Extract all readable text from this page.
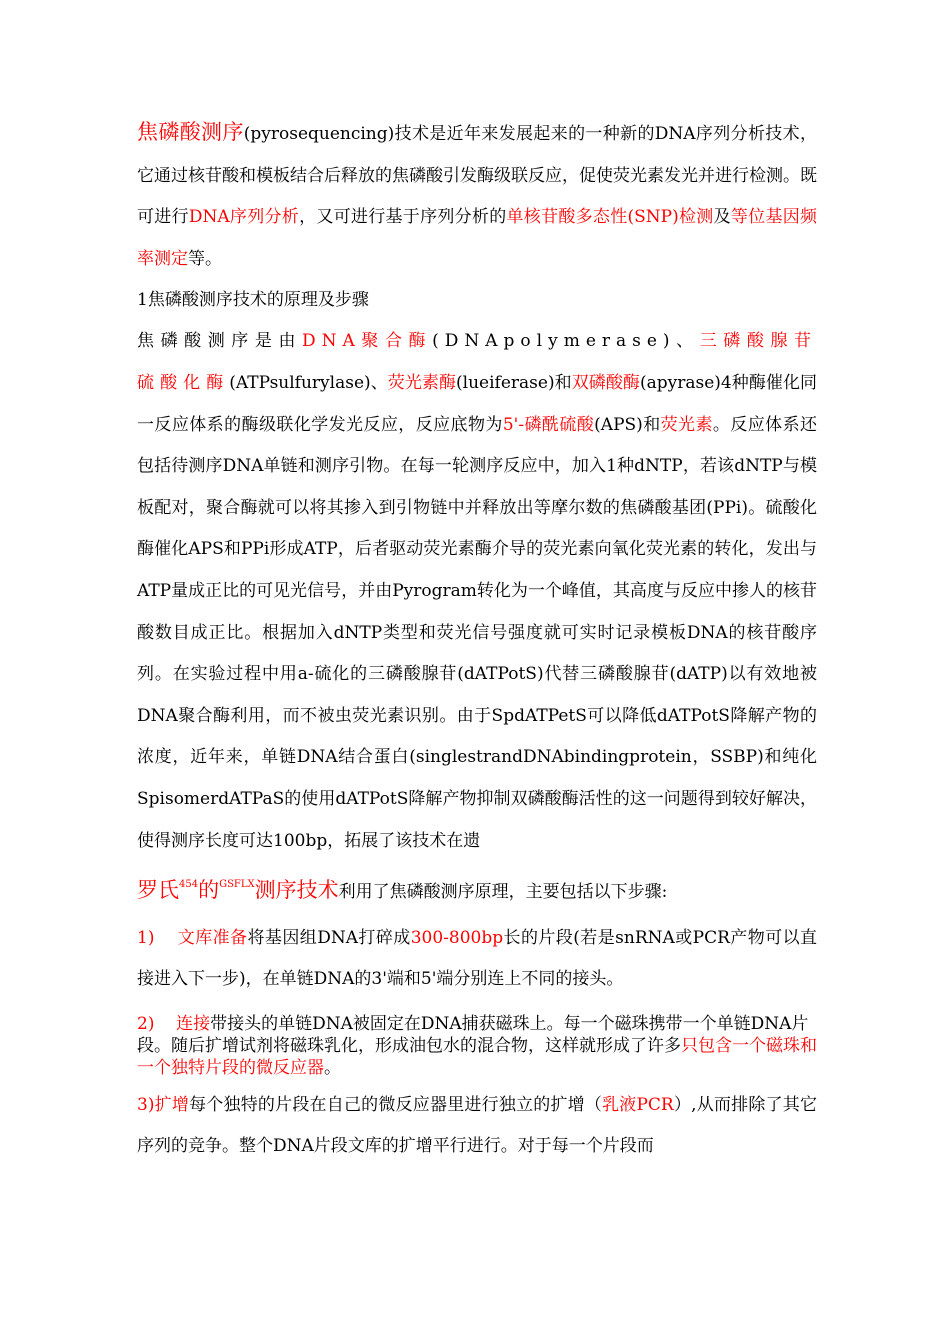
焦磷酸测序(pyrosequencing)技术是近年来发展起来的一种新的DNA序列分析技术，它通过核苷酸和模板结合后释放的焦磷酸引发酶级联反应，促使荧光素发光并进行检测。既可进行DNA序列分析，又可进行基于序列分析的单核苷酸多态性(SNP)检测及等位基因频率测定等。

1焦磷酸测序技术的原理及步骤

焦磷酸测序是由DNA聚合酶(DNApolymerase)、三磷酸腺苷硫酸化酶(ATPsulfurylase)、荧光素酶(lueiferase)和双磷酸酶(apyrase)4种酶催化同一反应体系的酶级联化学发光反应，反应底物为5'-磷酰硫酸(APS)和荧光素。反应体系还包括待测序DNA单链和测序引物。在每一轮测序反应中，加入1种dNTP，若该dNTP与模板配对，聚合酶就可以将其掺入到引物链中并释放出等摩尔数的焦磷酸基团(PPi)。硫酸化酶催化APS和PPi形成ATP，后者驱动荧光素酶介导的荧光素向氧化荧光素的转化，发出与ATP量成正比的可见光信号，并由Pyrogram转化为一个峰值，其高度与反应中掺人的核苷酸数目成正比。根据加入dNTP类型和荧光信号强度就可实时记录模板DNA的核苷酸序列。在实验过程中用a-硫化的三磷酸腺苷(dATPotS)代替三磷酸腺苷(dATP)以有效地被DNA聚合酶利用，而不被虫荧光素识别。由于SpdATPetS可以降低dATPotS降解产物的浓度，近年来，单链DNA结合蛋白(singlestrandDNAbindingprotein，SSBP)和纯化SpisomerdATPaS的使用dATPotS降解产物抑制双磷酸酶活性的这一问题得到较好解决，使得测序长度可达100bp，拓展了该技术在遗

罗氏$^{454}$的$^{GSFLX}$测序技术利用了焦磷酸测序原理，主要包括以下步骤:

1) 文库准备将基因组DNA打碎成300-800bp长的片段(若是snRNA或PCR产物可以直接进入下一步)，在单链DNA的3'端和5'端分别连上不同的接头。

2) 连接带接头的单链DNA被固定在DNA捕获磁珠上。每一个磁珠携带一个单链DNA片段。随后扩增试剂将磁珠乳化，形成油包水的混合物，这样就形成了许多只包含一个磁珠和一个独特片段的微反应器。

3)扩增每个独特的片段在自己的微反应器里进行独立的扩增（乳液PCR）,从而排除了其它序列的竞争。整个DNA片段文库的扩增平行进行。对于每一个片段而
